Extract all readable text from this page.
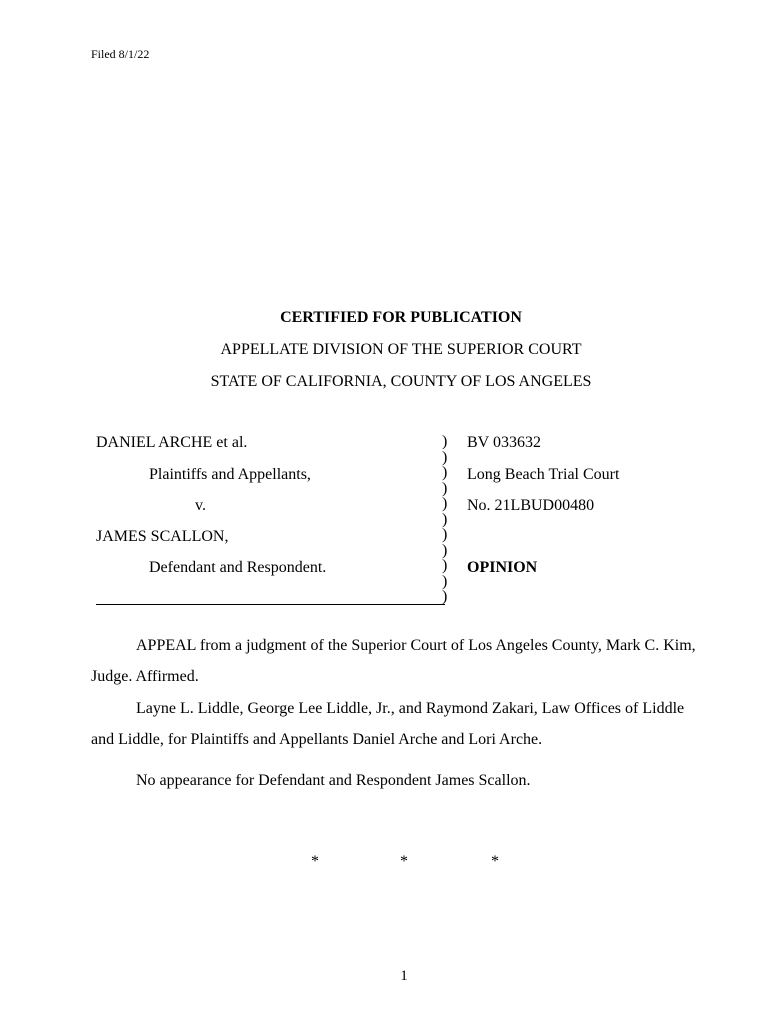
Filed 8/1/22
CERTIFIED FOR PUBLICATION
APPELLATE DIVISION OF THE SUPERIOR COURT
STATE OF CALIFORNIA, COUNTY OF LOS ANGELES
DANIEL ARCHE et al.
Plaintiffs and Appellants,
v.
JAMES SCALLON,
Defendant and Respondent.
)
)
)
)
)
)
)
)
)
)
)
BV 033632
Long Beach Trial Court
No. 21LBUD00480
OPINION
APPEAL from a judgment of the Superior Court of Los Angeles County, Mark C. Kim,
Judge. Affirmed.
Layne L. Liddle, George Lee Liddle, Jr., and Raymond Zakari, Law Offices of Liddle
and Liddle, for Plaintiffs and Appellants Daniel Arche and Lori Arche.
No appearance for Defendant and Respondent James Scallon.
*	*	*
1
